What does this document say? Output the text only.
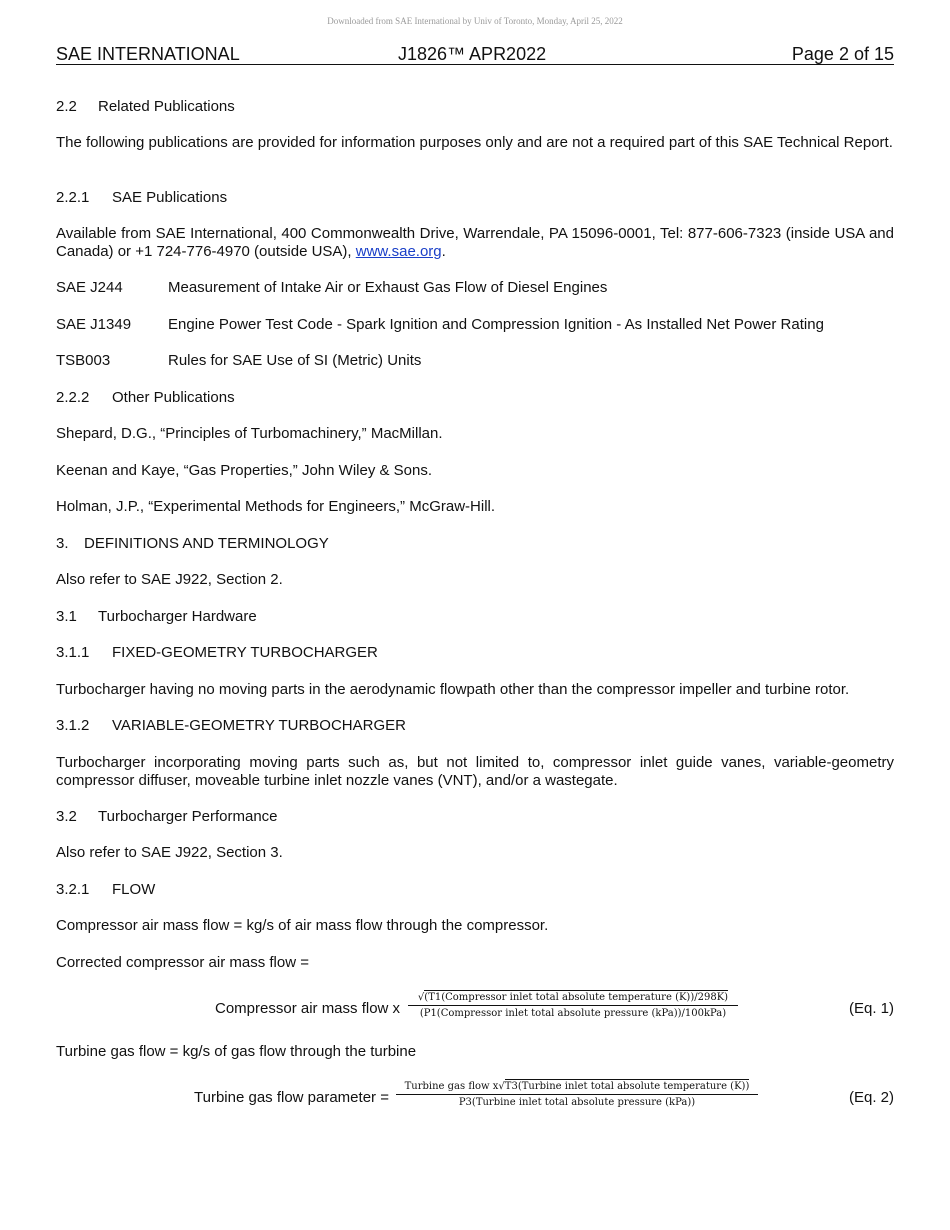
Downloaded from SAE International by Univ of Toronto, Monday, April 25, 2022
SAE INTERNATIONAL	J1826™ APR2022	Page 2 of 15
2.2 Related Publications
The following publications are provided for information purposes only and are not a required part of this SAE Technical Report.
2.2.1 SAE Publications
Available from SAE International, 400 Commonwealth Drive, Warrendale, PA 15096-0001, Tel: 877-606-7323 (inside USA and Canada) or +1 724-776-4970 (outside USA), www.sae.org.
SAE J244	Measurement of Intake Air or Exhaust Gas Flow of Diesel Engines
SAE J1349 Engine Power Test Code - Spark Ignition and Compression Ignition - As Installed Net Power Rating
TSB003	Rules for SAE Use of SI (Metric) Units
2.2.2 Other Publications
Shepard, D.G., “Principles of Turbomachinery,” MacMillan.
Keenan and Kaye, “Gas Properties,” John Wiley & Sons.
Holman, J.P., “Experimental Methods for Engineers,” McGraw-Hill.
3. DEFINITIONS AND TERMINOLOGY
Also refer to SAE J922, Section 2.
3.1 Turbocharger Hardware
3.1.1 FIXED-GEOMETRY TURBOCHARGER
Turbocharger having no moving parts in the aerodynamic flowpath other than the compressor impeller and turbine rotor.
3.1.2 VARIABLE-GEOMETRY TURBOCHARGER
Turbocharger incorporating moving parts such as, but not limited to, compressor inlet guide vanes, variable-geometry compressor diffuser, moveable turbine inlet nozzle vanes (VNT), and/or a wastegate.
3.2 Turbocharger Performance
Also refer to SAE J922, Section 3.
3.2.1 FLOW
Compressor air mass flow = kg/s of air mass flow through the compressor.
Corrected compressor air mass flow =
Compressor air mass flow x
√(T1(Compressor inlet total absolute temperature (K))/298K)
(P1(Compressor inlet total absolute pressure (kPa))/100kPa)	(Eq. 1)
Turbine gas flow = kg/s of gas flow through the turbine
Turbine gas flow parameter =
Turbine gas flow x√T3(Turbine inlet total absolute temperature (K))
P3(Turbine inlet total absolute pressure (kPa))	(Eq. 2)
